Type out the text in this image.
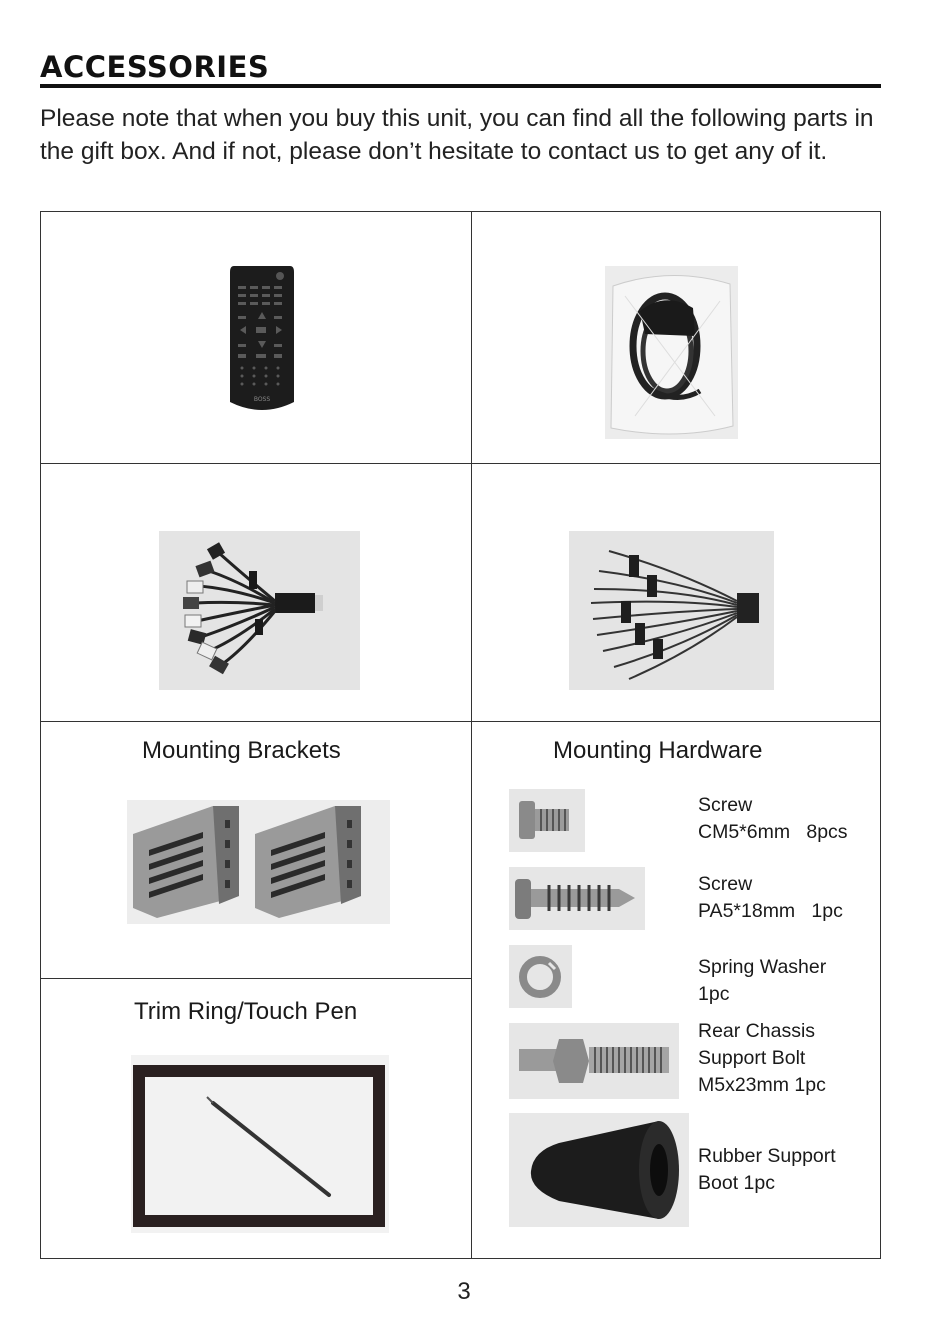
ACCESSORIES
Please note that when you buy this unit, you can find all the following parts in the gift box. And if not, please don’t hesitate to contact us to get any of it.
BOSS
Mounting Brackets
Trim Ring/Touch Pen
Mounting Hardware
Screw
CM5*6mm   8pcs
Screw
PA5*18mm   1pc
Spring Washer
1pc
Rear Chassis
Support Bolt
M5x23mm 1pc
Rubber Support
Boot 1pc
3
